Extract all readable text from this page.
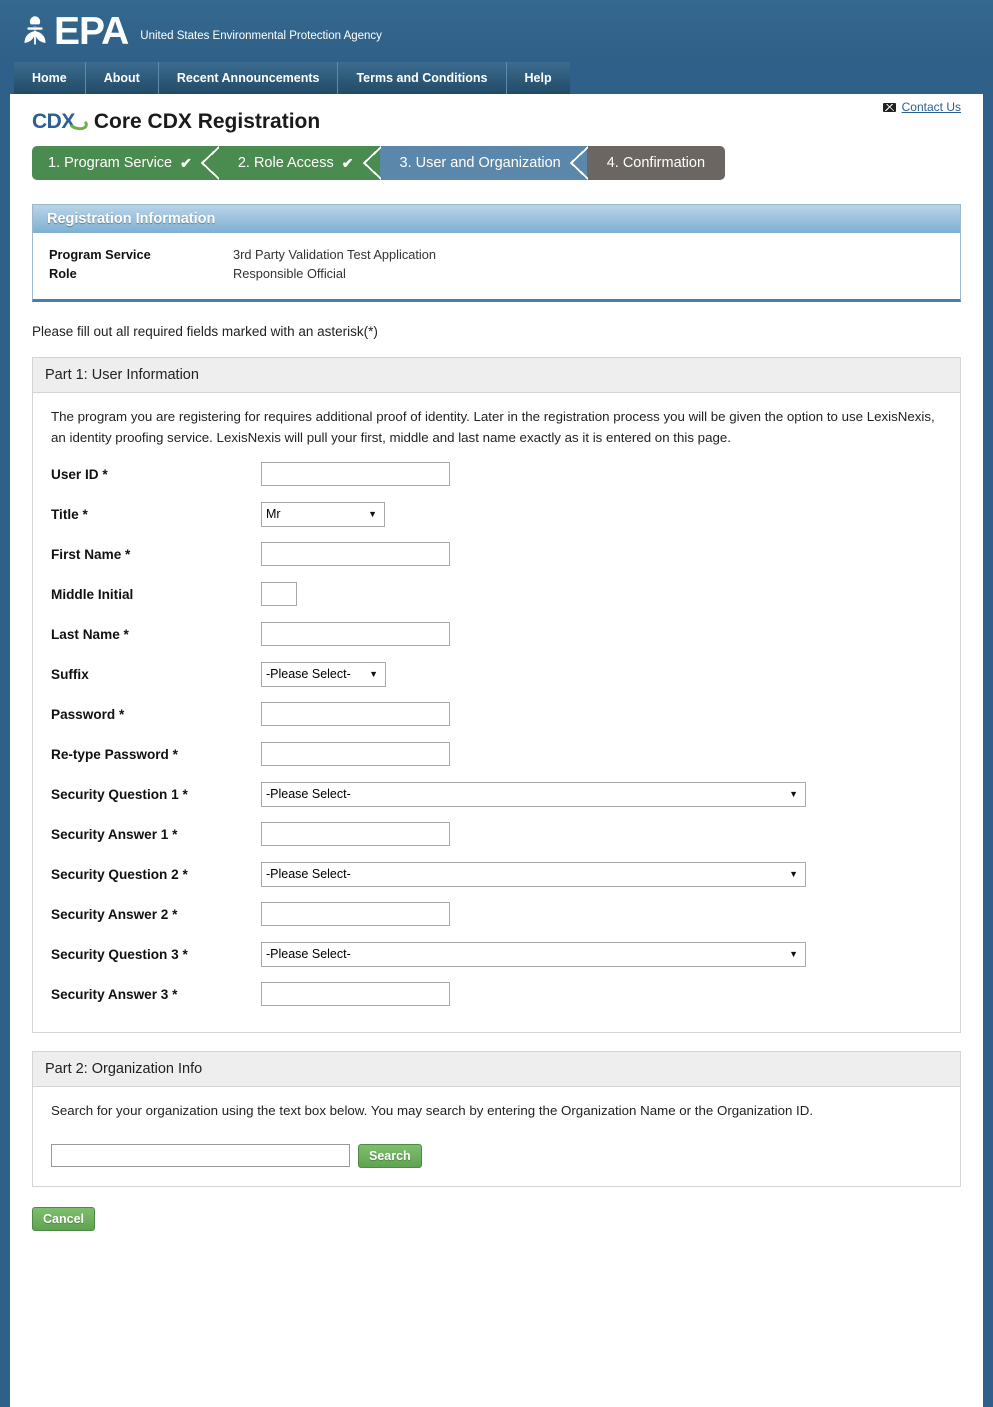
EPA United States Environmental Protection Agency
Home	About	Recent Announcements	Terms and Conditions	Help
Contact Us
CDX Core CDX Registration
1. Program Service ✔	2. Role Access ✔	3. User and Organization	4. Confirmation
Registration Information
Program Service	3rd Party Validation Test Application
Role	Responsible Official
Please fill out all required fields marked with an asterisk(*)
Part 1: User Information

The program you are registering for requires additional proof of identity. Later in the registration process you will be given the option to use LexisNexis, an identity proofing service. LexisNexis will pull your first, middle and last name exactly as it is entered on this page.

User ID *
Title *	Mr	▼
First Name *
Middle Initial
Last Name *
Suffix	-Please Select- ▼
Password *
Re-type Password *
Security Question 1 *	-Please Select-	▼
Security Answer 1 *
Security Question 2 *	-Please Select-	▼
Security Answer 2 *
Security Question 3 *	-Please Select-	▼
Security Answer 3 *
Part 2: Organization Info

Search for your organization using the text box below. You may search by entering the Organization Name or the Organization ID.

Search
Cancel
